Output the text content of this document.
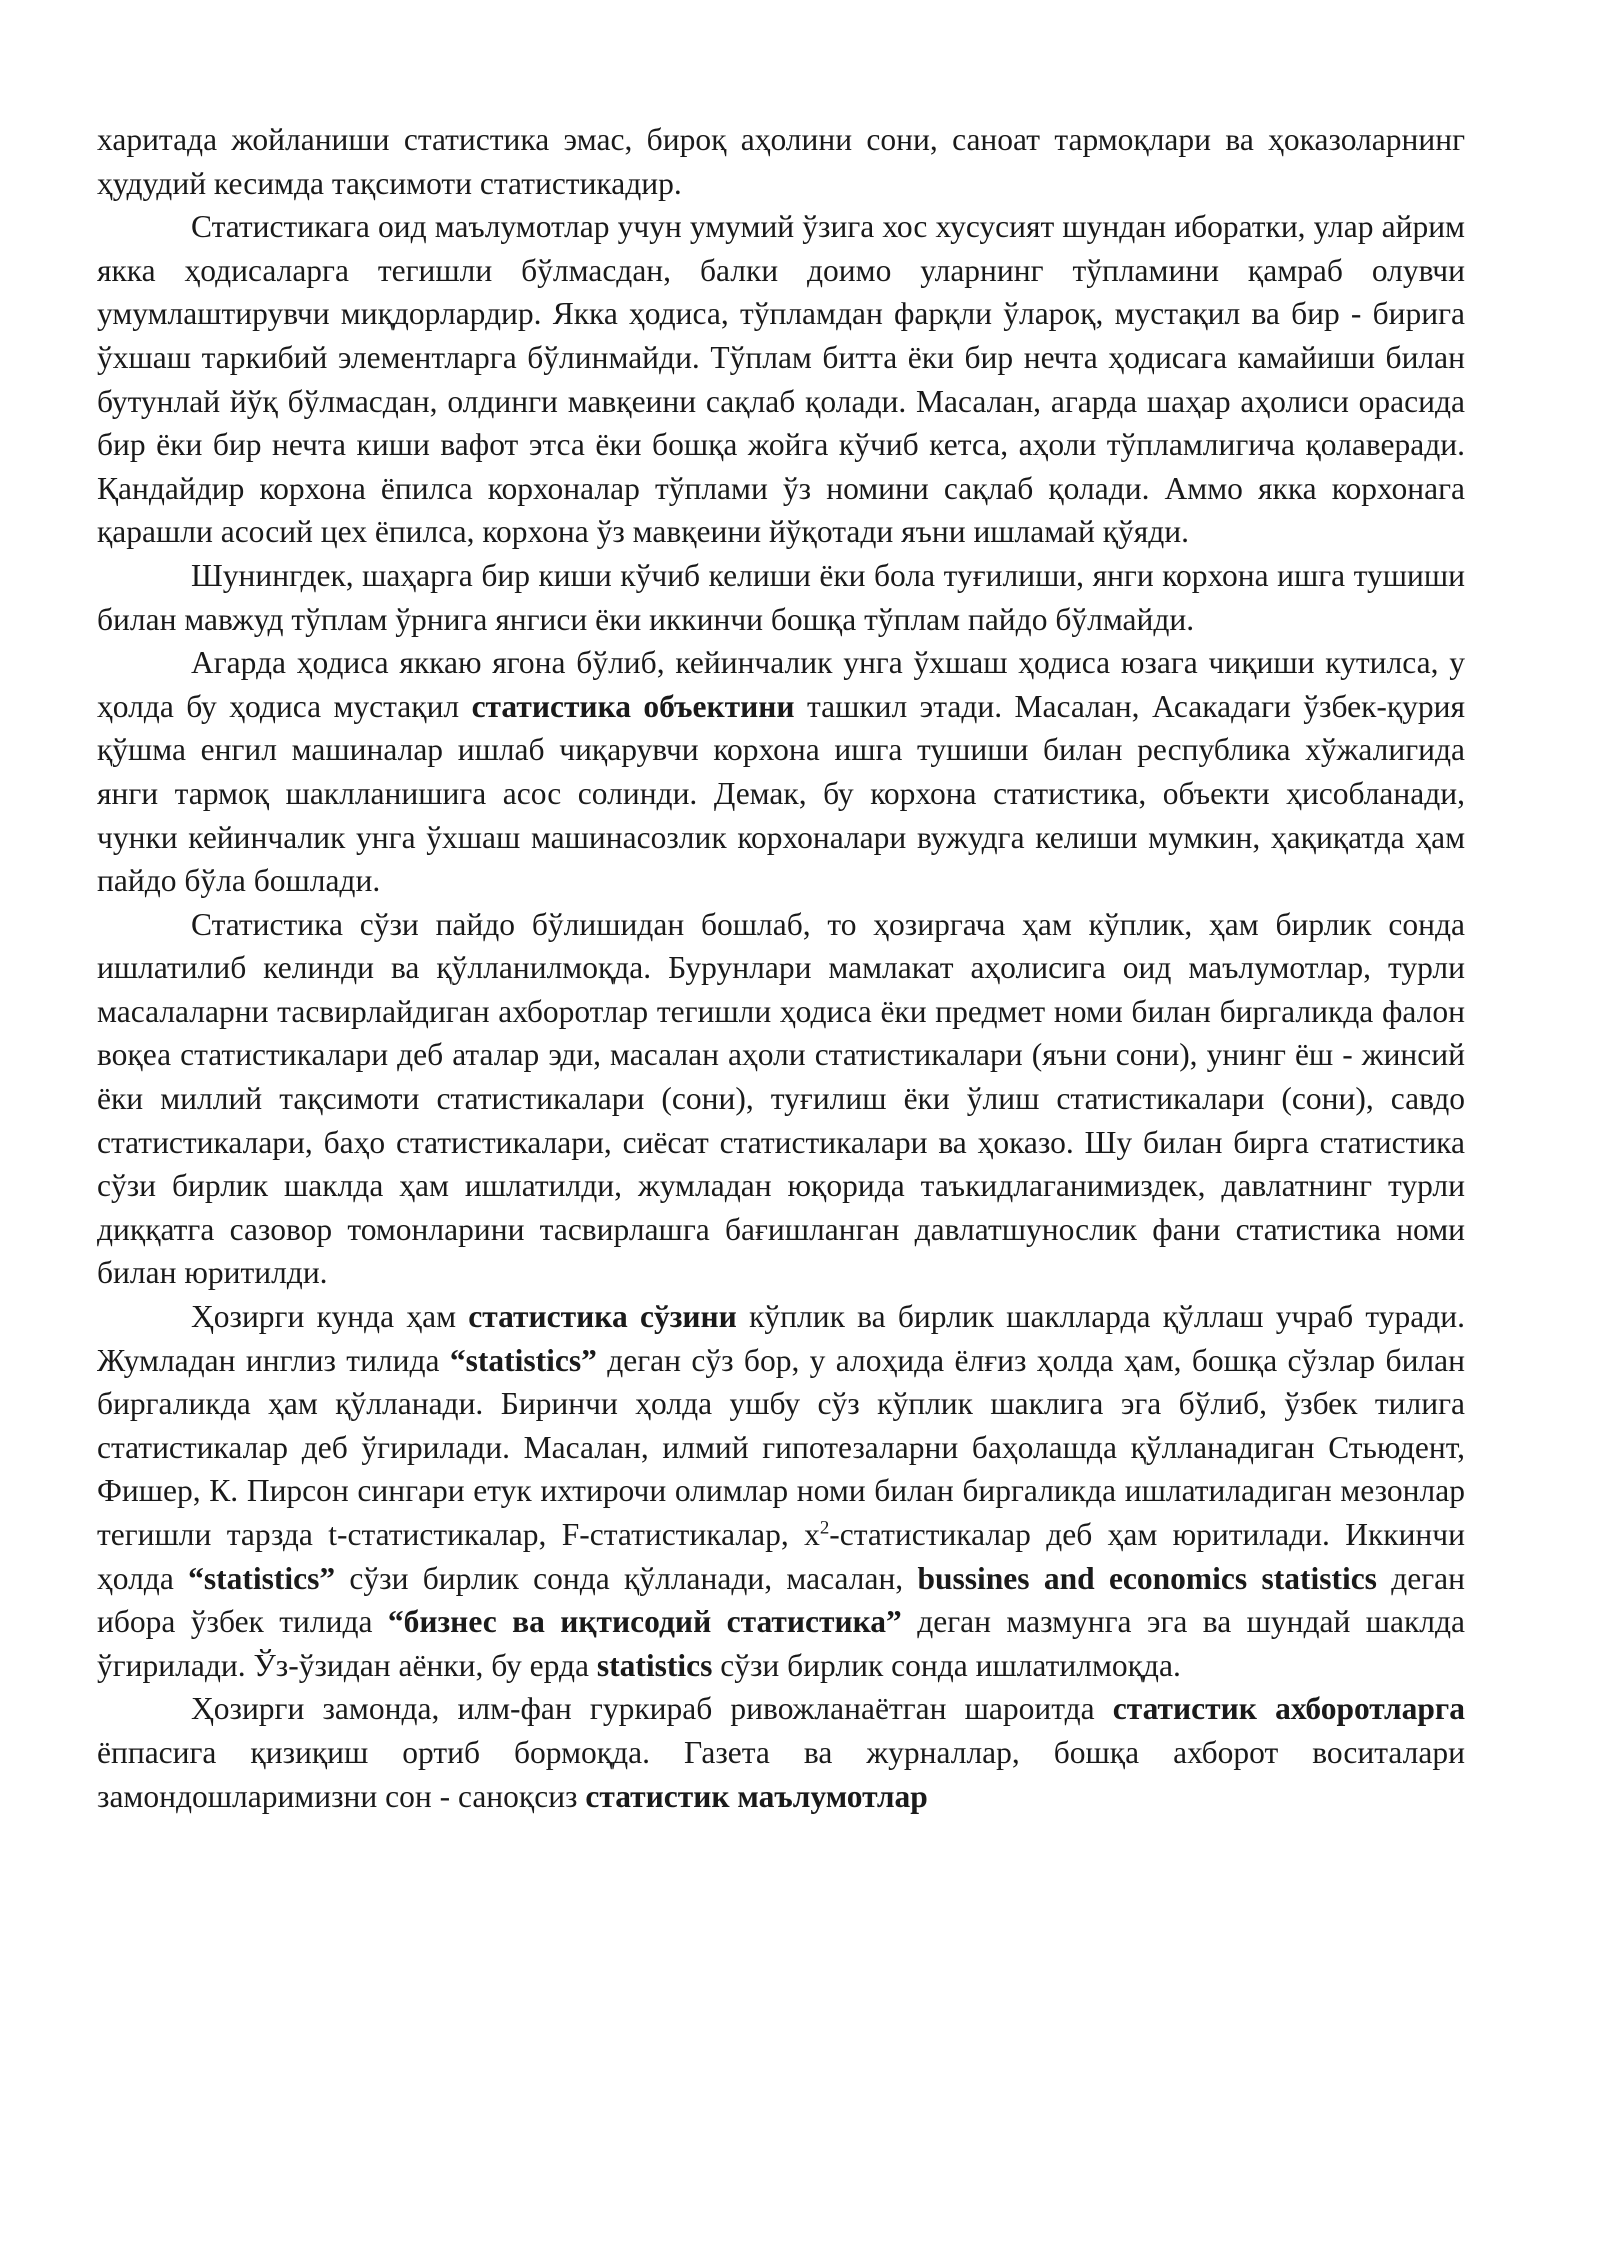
харитада жойланиши статистика эмас, бироқ аҳолини сони, саноат тармоқлари ва ҳоказоларнинг ҳудудий кесимда тақсимоти статистикадир.

Статистикага оид маълумотлар учун умумий ўзига хос хусусият шундан иборатки, улар айрим якка ҳодисаларга тегишли бўлмасдан, балки доимо уларнинг тўпламини қамраб олувчи умумлаштирувчи миқдорлардир. Якка ҳодиса, тўпламдан фарқли ўлароқ, мустақил ва бир - бирига ўхшаш таркибий элементларга бўлинмайди. Тўплам битта ёки бир нечта ҳодисага камайиши билан бутунлай йўқ бўлмасдан, олдинги мавқеини сақлаб қолади. Масалан, агарда шаҳар аҳолиси орасида бир ёки бир нечта киши вафот этса ёки бошқа жойга кўчиб кетса, аҳоли тўпламлигича қолаверади. Қандайдир корхона ёпилса корхоналар тўплами ўз номини сақлаб қолади. Аммо якка корхонага қарашли асосий цех ёпилса, корхона ўз мавқеини йўқотади яъни ишламай қўяди.

Шунингдек, шаҳарга бир киши кўчиб келиши ёки бола туғилиши, янги корхона ишга тушиши билан мавжуд тўплам ўрнига янгиси ёки иккинчи бошқа тўплам пайдо бўлмайди.

Агарда ҳодиса яккаю ягона бўлиб, кейинчалик унга ўхшаш ҳодиса юзага чиқиши кутилса, у ҳолда бу ҳодиса мустақил статистика объектини ташкил этади. Масалан, Асакадаги ўзбек-қурия қўшма енгил машиналар ишлаб чиқарувчи корхона ишга тушиши билан республика хўжалигида янги тармоқ шаклланишига асос солинди. Демак, бу корхона статистика, объекти ҳисобланади, чунки кейинчалик унга ўхшаш машинасозлик корхоналари вужудга келиши мумкин, ҳақиқатда ҳам пайдо бўла бошлади.

Статистика сўзи пайдо бўлишидан бошлаб, то ҳозиргача ҳам кўплик, ҳам бирлик сонда ишлатилиб келинди ва қўлланилмоқда. Бурунлари мамлакат аҳолисига оид маълумотлар, турли масалаларни тасвирлайдиган ахборотлар тегишли ҳодиса ёки предмет номи билан биргаликда фалон воқеа статистикалари деб аталар эди, масалан аҳоли статистикалари (яъни сони), унинг ёш - жинсий ёки миллий тақсимоти статистикалари (сони), туғилиш ёки ўлиш статистикалари (сони), савдо статистикалари, баҳо статистикалари, сиёсат статистикалари ва ҳоказо. Шу билан бирга статистика сўзи бирлик шаклда ҳам ишлатилди, жумладан юқорида таъкидлаганимиздек, давлатнинг турли диққатга сазовор томонларини тасвирлашга бағишланган давлатшунослик фани статистика номи билан юритилди.

Ҳозирги кунда ҳам статистика сўзини кўплик ва бирлик шаклларда қўллаш учраб туради. Жумладан инглиз тилида “statistics” деган сўз бор, у алоҳида ёлғиз ҳолда ҳам, бошқа сўзлар билан биргаликда ҳам қўлланади. Биринчи ҳолда ушбу сўз кўплик шаклига эга бўлиб, ўзбек тилига статистикалар деб ўгирилади. Масалан, илмий гипотезаларни баҳолашда қўлланадиган Стьюдент, Фишер, К. Пирсон сингари етук ихтирочи олимлар номи билан биргаликда ишлатиладиган мезонлар тегишли тарзда t-статистикалар, F-статистикалар, $x^2$-статистикалар деб ҳам юритилади. Иккинчи ҳолда “statistics” сўзи бирлик сонда қўлланади, масалан, bussines and economics statistics деган ибора ўзбек тилида “бизнес ва иқтисодий статистика” деган мазмунга эга ва шундай шаклда ўгирилади. Ўз-ўзидан аёнки, бу ерда statistics сўзи бирлик сонда ишлатилмоқда.

Ҳозирги замонда, илм-фан гуркираб ривожланаётган шароитда статистик ахборотларга ёппасига қизиқиш ортиб бормоқда. Газета ва журналлар, бошқа ахборот воситалари замондошларимизни сон - саноқсиз статистик маълумотлар
